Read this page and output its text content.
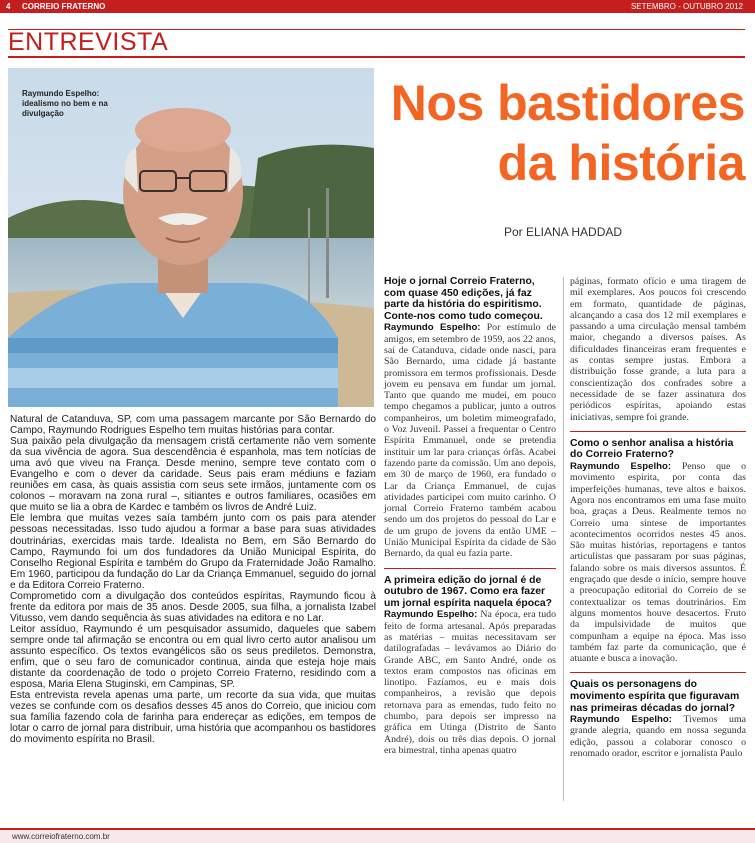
4 CORREIO FRATERNO	SETEMBRO - OUTUBRO 2012
ENTREVISTA
Raymundo Espelho: idealismo no bem e na divulgação	Nos bastidores
da história
Por ELIANA HADDAD

Natural de Catanduva, SP, com uma passagem marcante por São Bernardo do Campo, Raymundo Rodrigues Espelho tem muitas histórias para contar.

Sua paixão pela divulgação da mensagem cristã certamente não vem somente da sua vivência de agora. Sua descendência é espanhola, mas tem notícias de uma avó que viveu na França. Desde menino, sempre teve contato com o Evangelho e com o dever da caridade. Seus pais eram médiuns e faziam reuniões em casa, às quais assistia com seus sete irmãos, juntamente com os colonos – moravam na zona rural –, sitiantes e outros familiares, ocasiões em que muito se lia a obra de Kardec e também os livros de André Luiz.

Ele lembra que muitas vezes saía também junto com os pais para atender pessoas necessitadas. Isso tudo ajudou a formar a base para suas atividades doutrinárias, exercidas mais tarde. Idealista no Bem, em São Bernardo do Campo, Raymundo foi um dos fundadores da União Municipal Espírita, do Conselho Regional Espírita e também do Grupo da Fraternidade João Ramalho. Em 1960, participou da fundação do Lar da Criança Emmanuel, seguido do jornal e da Editora Correio Fraterno.

Comprometido com a divulgação dos conteúdos espíritas, Raymundo ficou à frente da editora por mais de 35 anos. Desde 2005, sua filha, a jornalista Izabel Vitusso, vem dando sequência às suas atividades na editora e no Lar.

Leitor assíduo, Raymundo é um pesquisador assumido, daqueles que sabem sempre onde tal afirmação se encontra ou em qual livro certo autor analisou um assunto específico. Os textos evangélicos são os seus prediletos. Demonstra, enfim, que o seu faro de comunicador continua, ainda que esteja hoje mais distante da coordenação de todo o projeto Correio Fraterno, residindo com a esposa, Maria Elena Stuginski, em Campinas, SP.

Esta entrevista revela apenas uma parte, um recorte da sua vida, que muitas vezes se confunde com os desafios desses 45 anos do Correio, que iniciou com sua família fazendo cola de farinha para endereçar as edições, em tempos de lotar o carro de jornal para distribuir, uma história que acompanhou os bastidores do movimento espírita no Brasil.

Hoje o jornal Correio Fraterno, com quase 450 edições, já faz parte da história do espiritismo. Conte-nos como tudo começou.

Raymundo Espelho: Por estímulo de amigos, em setembro de 1959, aos 22 anos, saí de Catanduva, cidade onde nasci, para São Bernardo, uma cidade já bastante promissora em termos profissionais. Desde jovem eu pensava em fundar um jornal. Tanto que quando me mudei, em pouco tempo chegamos a publicar, junto a outros companheiros, um boletim mimeografado, o Voz Juvenil. Passei a frequentar o Centro Espírita Emmanuel, onde se pretendia instituir um lar para crianças órfãs. Acabei fazendo parte da comissão. Um ano depois, em 30 de março de 1960, era fundado o Lar da Criança Emmanuel, de cujas atividades participei com muito carinho. O jornal Correio Fraterno também acabou sendo um dos projetos do pessoal do Lar e de um grupo de jovens da então UME – União Municipal Espírita da cidade de São Bernardo, da qual eu fazia parte.

A primeira edição do jornal é de outubro de 1967. Como era fazer um jornal espírita naquela época?

Raymundo Espelho: Na época, era tudo feito de forma artesanal. Após preparadas as matérias – muitas necessitavam ser datilografadas – levávamos ao Diário do Grande ABC, em Santo André, onde os textos eram compostos nas oficinas em linotipo. Fazíamos, eu e mais dois companheiros, a revisão que depois retornava para as emendas, tudo feito no chumbo, para depois ser impresso na gráfica em Utinga (Distrito de Santo André), dois ou três dias depois. O jornal era bimestral, tinha apenas quatro

páginas, formato ofício e uma tiragem de mil exemplares. Aos poucos foi crescendo em formato, quantidade de páginas, alcançando a casa dos 12 mil exemplares e passando a uma circulação mensal também maior, chegando a diversos países. As dificuldades financeiras eram frequentes e as contas sempre justas. Embora a distribuição fosse grande, a luta para a conscientização dos confrades sobre a necessidade de se fazer assinatura dos periódicos espíritas, apoiando estas iniciativas, sempre foi grande.

Como o senhor analisa a história do Correio Fraterno?

Raymundo Espelho: Penso que o movimento espírita, por conta das imperfeições humanas, teve altos e baixos. Agora nos encontramos em uma fase muito boa, graças a Deus. Realmente temos no Correio uma síntese de importantes acontecimentos ocorridos nestes 45 anos. São muitas histórias, reportagens e tantos articulistas que passaram por suas páginas, falando sobre os mais diversos assuntos. É engraçado que desde o início, sempre houve a preocupação editorial do Correio de se contextualizar os temas doutrinários. Em alguns momentos houve desacertos. Fruto da impulsividade de muitos que compunham a equipe na época. Mas isso também faz parte da comunicação, que é atuante e busca a inovação.

Quais os personagens do movimento espírita que figuravam nas primeiras décadas do jornal?

Raymundo Espelho: Tivemos uma grande alegria, quando em nossa segunda edição, passou a colaborar conosco o renomado orador, escritor e jornalista Paulo

www.correiofraterno.com.br
